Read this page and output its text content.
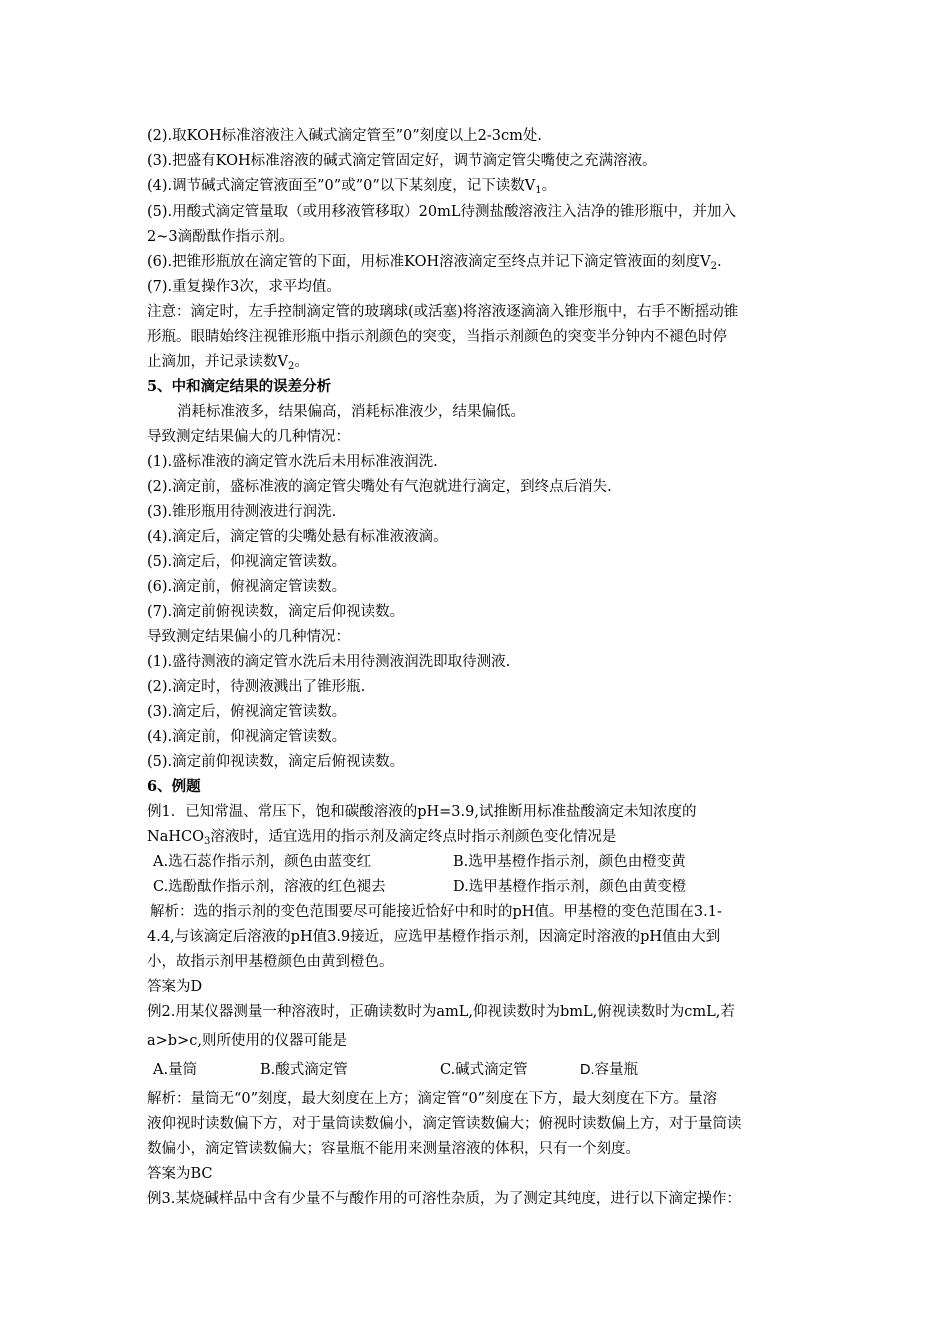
(2).取KOH标准溶液注入碱式滴定管至”0”刻度以上2-3cm处.
(3).把盛有KOH标准溶液的碱式滴定管固定好，调节滴定管尖嘴使之充满溶液。
(4).调节碱式滴定管液面至”0”或”0”以下某刻度，记下读数$V_1$。
(5).用酸式滴定管量取（或用移液管移取）20mL待测盐酸溶液注入洁净的锥形瓶中，并加入
2~3滴酚酞作指示剂。
(6).把锥形瓶放在滴定管的下面，用标准KOH溶液滴定至终点并记下滴定管液面的刻度$V_2$.
(7).重复操作3次，求平均值。
注意：滴定时，左手控制滴定管的玻璃球(或活塞)将溶液逐滴滴入锥形瓶中，右手不断摇动锥
形瓶。眼睛始终注视锥形瓶中指示剂颜色的突变，当指示剂颜色的突变半分钟内不褪色时停
止滴加，并记录读数$V_2$。
5、中和滴定结果的误差分析
消耗标准液多，结果偏高，消耗标准液少，结果偏低。
导致测定结果偏大的几种情况：
(1).盛标准液的滴定管水洗后未用标准液润洗.
(2).滴定前，盛标准液的滴定管尖嘴处有气泡就进行滴定，到终点后消失.
(3).锥形瓶用待测液进行润洗.
(4).滴定后，滴定管的尖嘴处悬有标准液液滴。
(5).滴定后，仰视滴定管读数。
(6).滴定前，俯视滴定管读数。
(7).滴定前俯视读数，滴定后仰视读数。
导致测定结果偏小的几种情况：
(1).盛待测液的滴定管水洗后未用待测液润洗即取待测液.
(2).滴定时，待测液溅出了锥形瓶.
(3).滴定后，俯视滴定管读数。
(4).滴定前，仰视滴定管读数。
(5).滴定前仰视读数，滴定后俯视读数。
6、例题
例1．已知常温、常压下，饱和碳酸溶液的pH=3.9,试推断用标准盐酸滴定未知浓度的
NaHCO$_3$溶液时，适宜选用的指示剂及滴定终点时指示剂颜色变化情况是
A.选石蕊作指示剂，颜色由蓝变红	B.选甲基橙作指示剂，颜色由橙变黄
C.选酚酞作指示剂，溶液的红色褪去	D.选甲基橙作指示剂，颜色由黄变橙
解析：选的指示剂的变色范围要尽可能接近恰好中和时的pH值。甲基橙的变色范围在3.1-
4.4,与该滴定后溶液的pH值3.9接近，应选甲基橙作指示剂，因滴定时溶液的pH值由大到
小，故指示剂甲基橙颜色由黄到橙色。
答案为D
例2.用某仪器测量一种溶液时，正确读数时为amL,仰视读数时为bmL,俯视读数时为cmL,若
a>b>c,则所使用的仪器可能是
A.量筒	B.酸式滴定管	C.碱式滴定管	D.容量瓶
解析：量筒无“0”刻度，最大刻度在上方；滴定管“0”刻度在下方，最大刻度在下方。量溶
液仰视时读数偏下方，对于量筒读数偏小，滴定管读数偏大；俯视时读数偏上方，对于量筒读
数偏小，滴定管读数偏大；容量瓶不能用来测量溶液的体积，只有一个刻度。
答案为BC
例3.某烧碱样品中含有少量不与酸作用的可溶性杂质，为了测定其纯度，进行以下滴定操作：
